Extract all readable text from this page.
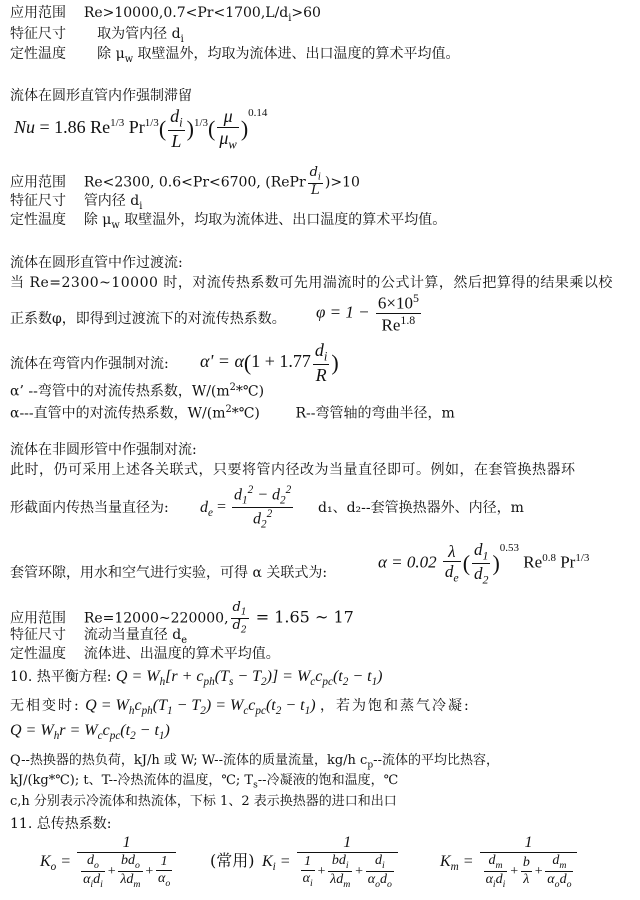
应用范围 $Re>10000,0.7<Pr<1700,L/d_i>60$
特征尺寸 取为管内径 $d_i$
定性温度 除 $\mu_w$ 取壁温外，均取为流体进、出口温度的算术平均值。
流体在圆形直管内作强制滞留
Nu = 1.86 $Re^{1/3}$ $Pr^{1/3}( \frac{d_i}{L} )^{1/3}( \frac{\mu}{\mu_w} )^{0.14}$
应用范围 Re<2300, 0.6<Pr<6700, (RePr $\frac{d_i}{L} )>10$
特征尺寸 管内径 $d_i$
定性温度 除 $\mu_w$ 取壁温外，均取为流体进、出口温度的算术平均值。
流体在圆形直管中作过渡流:
当 Re=2300~10000 时，对流传热系数可先用湍流时的公式计算，然后把算得的结果乘以校
正系数φ，即得到过渡流下的对流传热系数。 $\varphi = 1 - \frac{6\times 10^5}{Re^{1.8}}$
流体在弯管内作强制对流: $\alpha' = \alpha(1 + 1.77 \frac{d_i}{R}$ )
α’ --弯管中的对流传热系数，$W/(m^2*℃)$
α---直管中的对流传热系数，$W/(m^2*℃)$	R--弯管轴的弯曲半径，m
流体在非圆形管中作强制对流:
此时，仍可采用上述各关联式，只要将管内径改为当量直径即可。例如，在套管换热器环
形截面内传热当量直径为: $d_e = \frac{d_1^2 - d_2^2}{d_2^2} d_1$、d₂--套管换热器外、内径，m
套管环隙，用水和空气进行实验，可得 α 关联式为:
$\alpha = 0.02 \frac{\lambda}{d_e}$ ( $\frac{d_1}{d_2} )^{0.53}$ $Re^{0.8}$ $Pr^{1/3}$
应用范围 Re=12000~220000, $\frac{d_1}{d_2} = 1.65$ ~ 17
特征尺寸 流动当量直径 $d_e$
定性温度 流体进、出温度的算术平均值。
10. 热平衡方程: $Q = W_h[r + c_{ph}(T_s - T_2)] = W_cc_{pc}(t_2 - t_1)$
无相变时: $Q = W_hc_{ph}(T_1 - T_2) = W_cc_{pc}(t_2 - t_1)$ ，若为饱和蒸气冷凝:
$Q = W_hr = W_cc_{pc}(t_2 - t_1)$
Q--热换器的热负荷，kJ/h 或 W; W--流体的质量流量，kg/h $c_p--$流体的平均比热容，
kJ/(kg*℃); t、T--冷热流体的温度，℃; $T_s--$冷凝液的饱和温度，℃
c,h 分别表示冷流体和热流体，下标 1、2 表示换热器的进口和出口
11. 总传热系数:
$K_o = \frac{1}{\frac{d_o}{\alpha_id_i} + \frac{bd_o}{\lambda d_m} + \frac{1}{\alpha_o}}$ (常用) $K_i = \frac{1}{\frac{1}{\alpha_i} + \frac{bd_i}{\lambda d_m} + \frac{d_i}{\alpha_od_o}}$	$K_m = \frac{1}{\frac{d_m}{\alpha_id_i} + \frac{b}{\lambda} + \frac{d_m}{\alpha_od_o}}$
